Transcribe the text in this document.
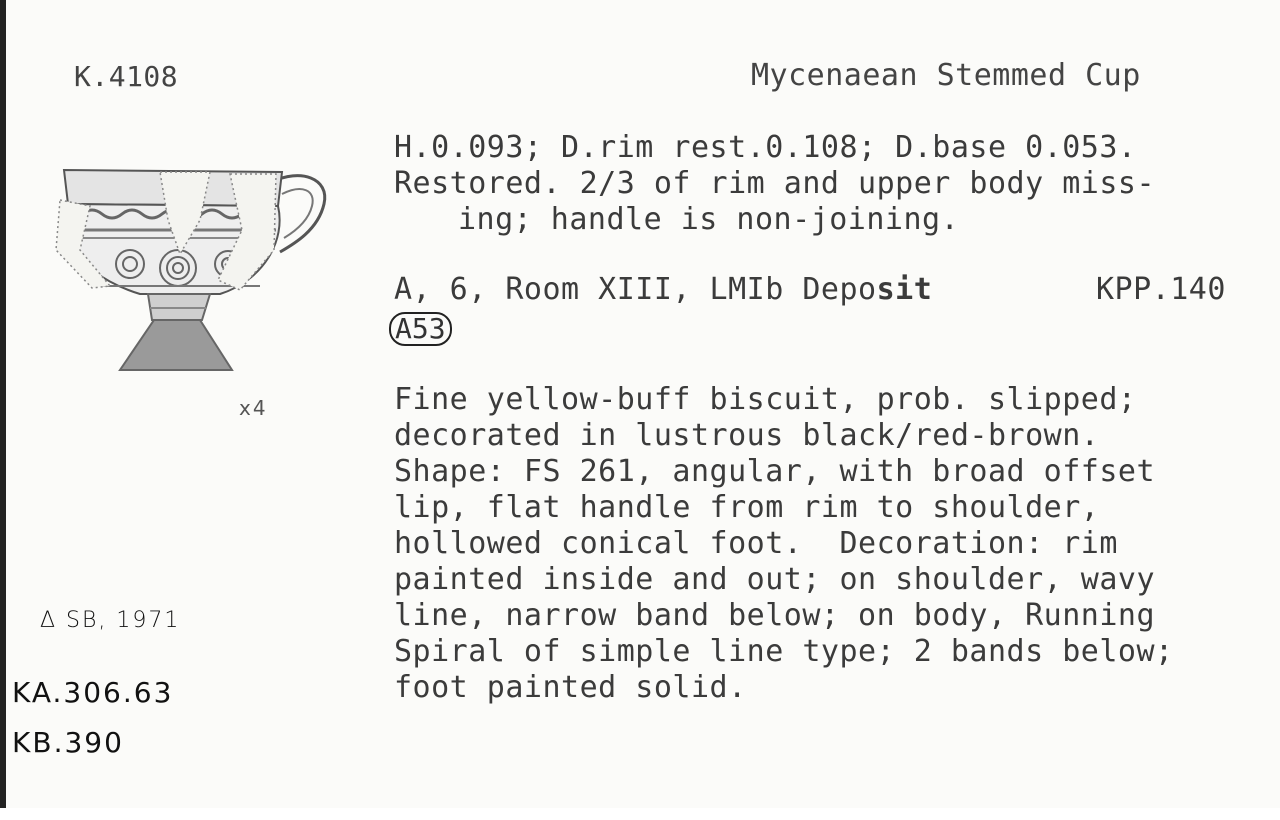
K.4108	Mycenaean Stemmed Cup
H.0.093; D.rim rest.0.108; D.base 0.053.
Restored. 2/3 of rim and upper body miss-

ing; handle is non-joining.
A, 6, Room XIII, LMIb Deposit	KPP.140
A53
x4	Fine yellow-buff biscuit, prob. slipped;
decorated in lustrous black/red-brown.
Shape: FS 261, angular, with broad offset
lip, flat handle from rim to shoulder,
hollowed conical foot.  Decoration: rim
painted inside and out; on shoulder, wavy
line, narrow band below; on body, Running
Spiral of simple line type; 2 bands below;
foot painted solid.
Δ SB, 1971
KA.306.63
KB.390
